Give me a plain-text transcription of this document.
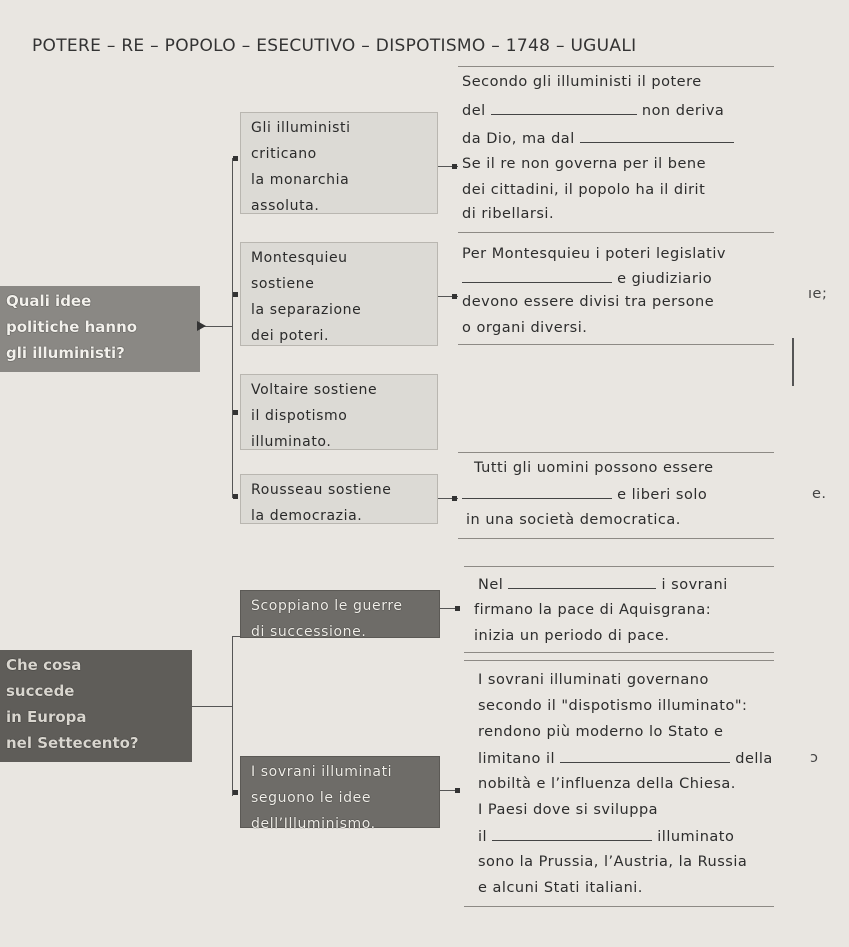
POTERE – RE – POPOLO – ESECUTIVO – DISPOTISMO – 1748 – UGUALI
Quali idee
politiche hanno
gli illuministi?
Gli illuministi
criticano
la monarchia
assoluta.
Montesquieu
sostiene
la separazione
dei poteri.
Voltaire sostiene
il dispotismo
illuminato.
Rousseau sostiene
la democrazia.
Secondo gli illuministi il potere
del	non deriva
da Dio, ma dal
Se il re non governa per il bene
dei cittadini, il popolo ha il dirit
di ribellarsi.
Per Montesquieu i poteri legislativ
e giudiziario
devono essere divisi tra persone
o organi diversi.
Tutti gli uomini possono essere
e liberi solo
in una società democratica.
ıe;
e.
Che cosa
succede
in Europa
nel Settecento?
Scoppiano le guerre
di successione.
I sovrani illuminati
seguono le idee
dell’Illuminismo.
Nel	i sovrani
firmano la pace di Aquisgrana:
inizia un periodo di pace.
I sovrani illuminati governano
secondo il "dispotismo illuminato":
rendono più moderno lo Stato e
limitano il	della
nobiltà e l’influenza della Chiesa.
I Paesi dove si sviluppa
il	illuminato
sono la Prussia, l’Austria, la Russia
e alcuni Stati italiani.
ɔ
